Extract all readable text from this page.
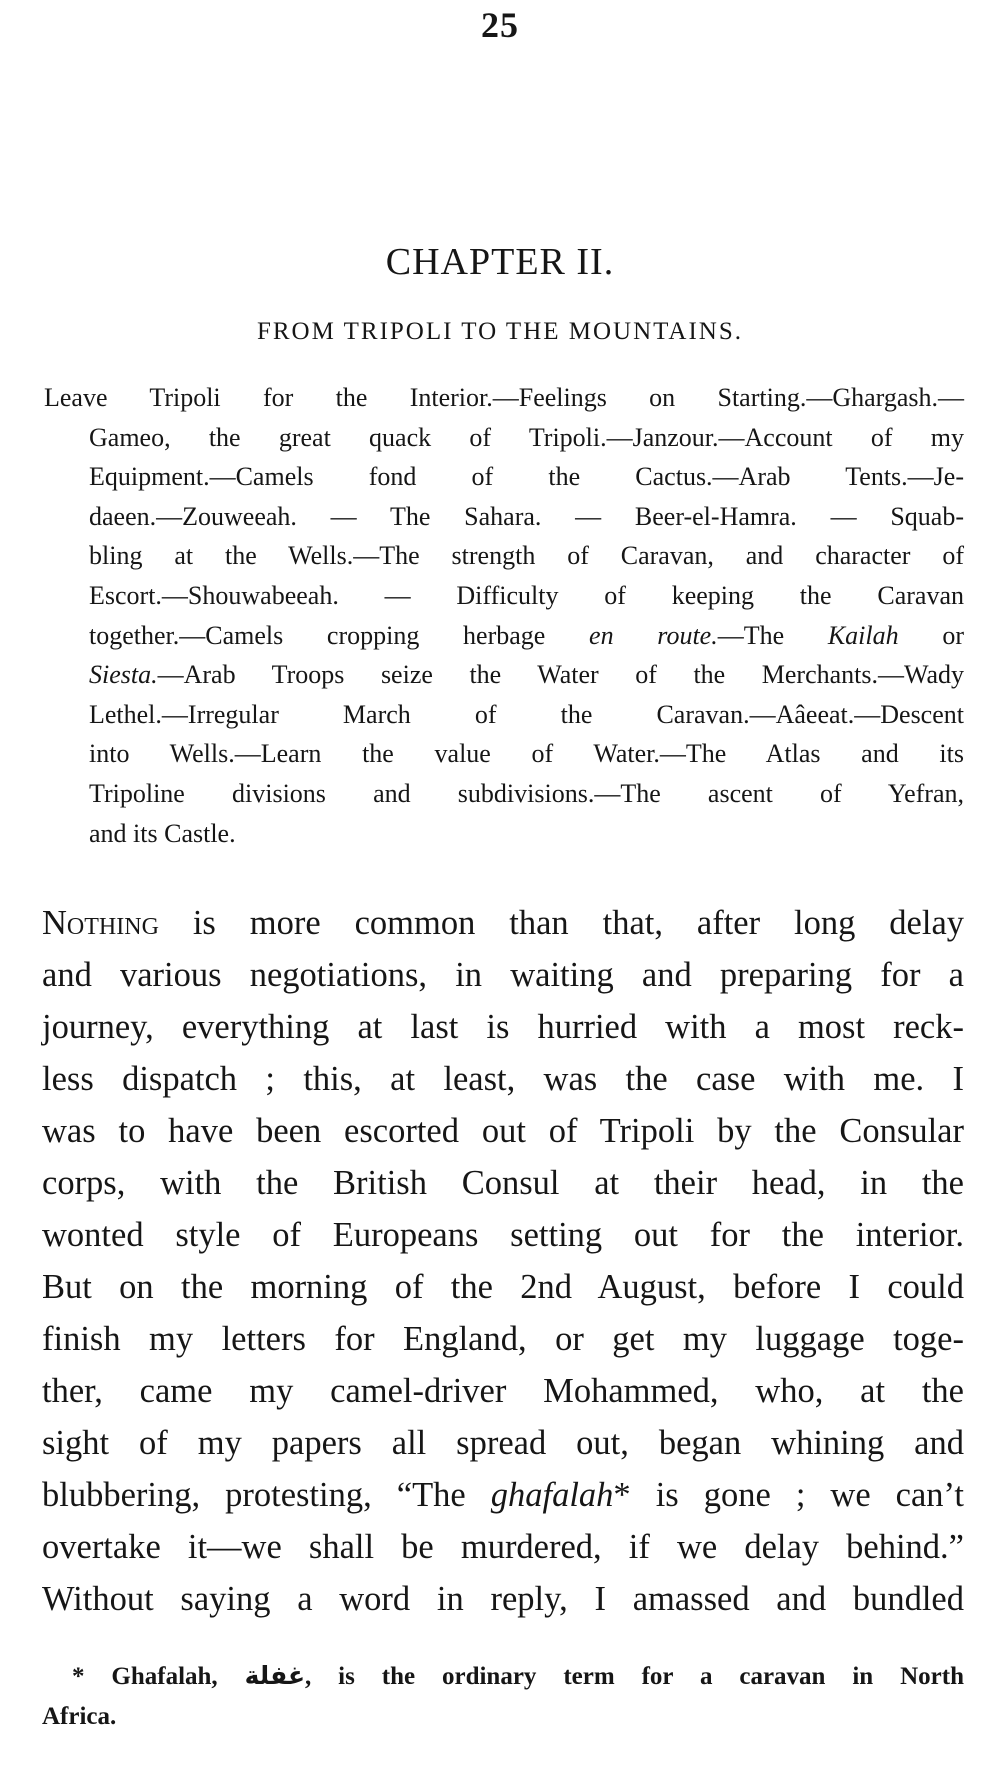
25
CHAPTER II.
FROM TRIPOLI TO THE MOUNTAINS.
Leave Tripoli for the Interior.—Feelings on Starting.—Ghargash.—
Gameo, the great quack of Tripoli.—Janzour.—Account of my
Equipment.—Camels fond of the Cactus.—Arab Tents.—Je-
daeen.—Zouweeah. — The Sahara. — Beer-el-Hamra. — Squab-
bling at the Wells.—The strength of Caravan, and character of
Escort.—Shouwabeeah. — Difficulty of keeping the Caravan
together.—Camels cropping herbage en route.—The Kailah or
Siesta.—Arab Troops seize the Water of the Merchants.—Wady
Lethel.—Irregular March of the Caravan.—Aâeeat.—Descent
into Wells.—Learn the value of Water.—The Atlas and its
Tripoline divisions and subdivisions.—The ascent of Yefran,
and its Castle.
Nothing is more common than that, after long delay
and various negotiations, in waiting and preparing for a
journey, everything at last is hurried with a most reck-
less dispatch ; this, at least, was the case with me. I
was to have been escorted out of Tripoli by the Consular
corps, with the British Consul at their head, in the
wonted style of Europeans setting out for the interior.
But on the morning of the 2nd August, before I could
finish my letters for England, or get my luggage toge-
ther, came my camel-driver Mohammed, who, at the
sight of my papers all spread out, began whining and
blubbering, protesting, “The ghafalah* is gone ; we can’t
overtake it—we shall be murdered, if we delay behind.”
Without saying a word in reply, I amassed and bundled
* Ghafalah, غفلة, is the ordinary term for a caravan in North
Africa.
